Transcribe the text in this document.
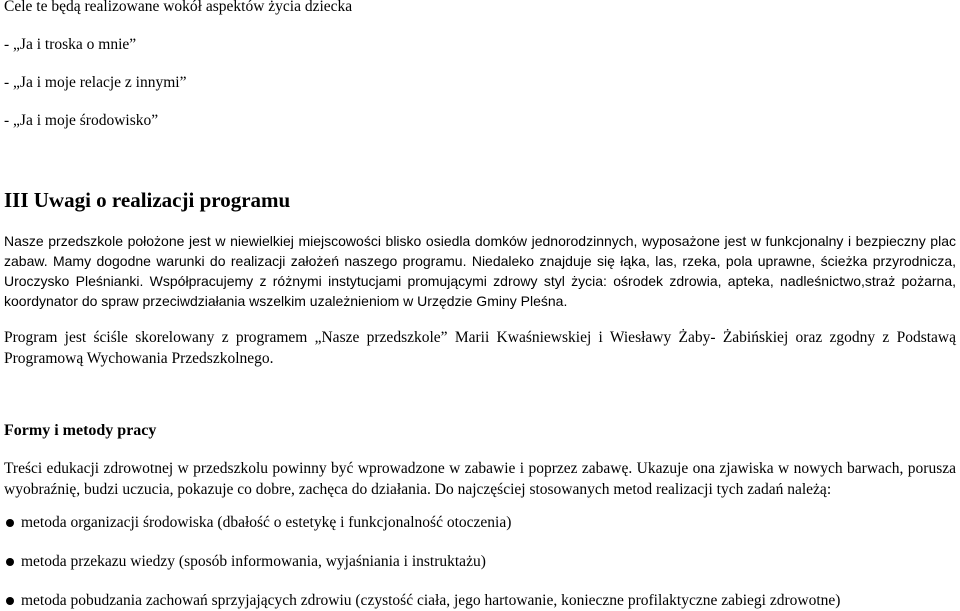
Cele te będą realizowane wokół aspektów życia dziecka
- „Ja i troska o mnie”
- „Ja i moje relacje z innymi”
- „Ja i moje środowisko”
III Uwagi o realizacji programu
Nasze przedszkole położone jest w niewielkiej miejscowości blisko osiedla domków jednorodzinnych, wyposażone jest w funkcjonalny i bezpieczny plac zabaw. Mamy dogodne warunki do realizacji założeń naszego programu. Niedaleko znajduje się łąka, las, rzeka, pola uprawne, ścieżka przyrodnicza, Uroczysko Pleśnianki. Współpracujemy z różnymi instytucjami promującymi zdrowy styl życia: ośrodek zdrowia, apteka, nadleśnictwo,straż pożarna, koordynator do spraw przeciwdziałania wszelkim uzależnieniom w Urzędzie Gminy Pleśna.
Program jest ściśle skorelowany z programem „Nasze przedszkole” Marii Kwaśniewskiej i Wiesławy Żaby- Żabińskiej oraz zgodny z Podstawą Programową Wychowania Przedszkolnego.
Formy i metody pracy
Treści edukacji zdrowotnej w przedszkolu powinny być wprowadzone w zabawie i poprzez zabawę. Ukazuje ona zjawiska w nowych barwach, porusza wyobraźnię, budzi uczucia, pokazuje co dobre, zachęca do działania. Do najczęściej stosowanych metod realizacji tych zadań należą:
metoda organizacji środowiska (dbałość o estetykę i funkcjonalność otoczenia)
metoda przekazu wiedzy (sposób informowania, wyjaśniania i instruktażu)
metoda pobudzania zachowań sprzyjających zdrowiu (czystość ciała, jego hartowanie, konieczne profilaktyczne zabiegi zdrowotne)
